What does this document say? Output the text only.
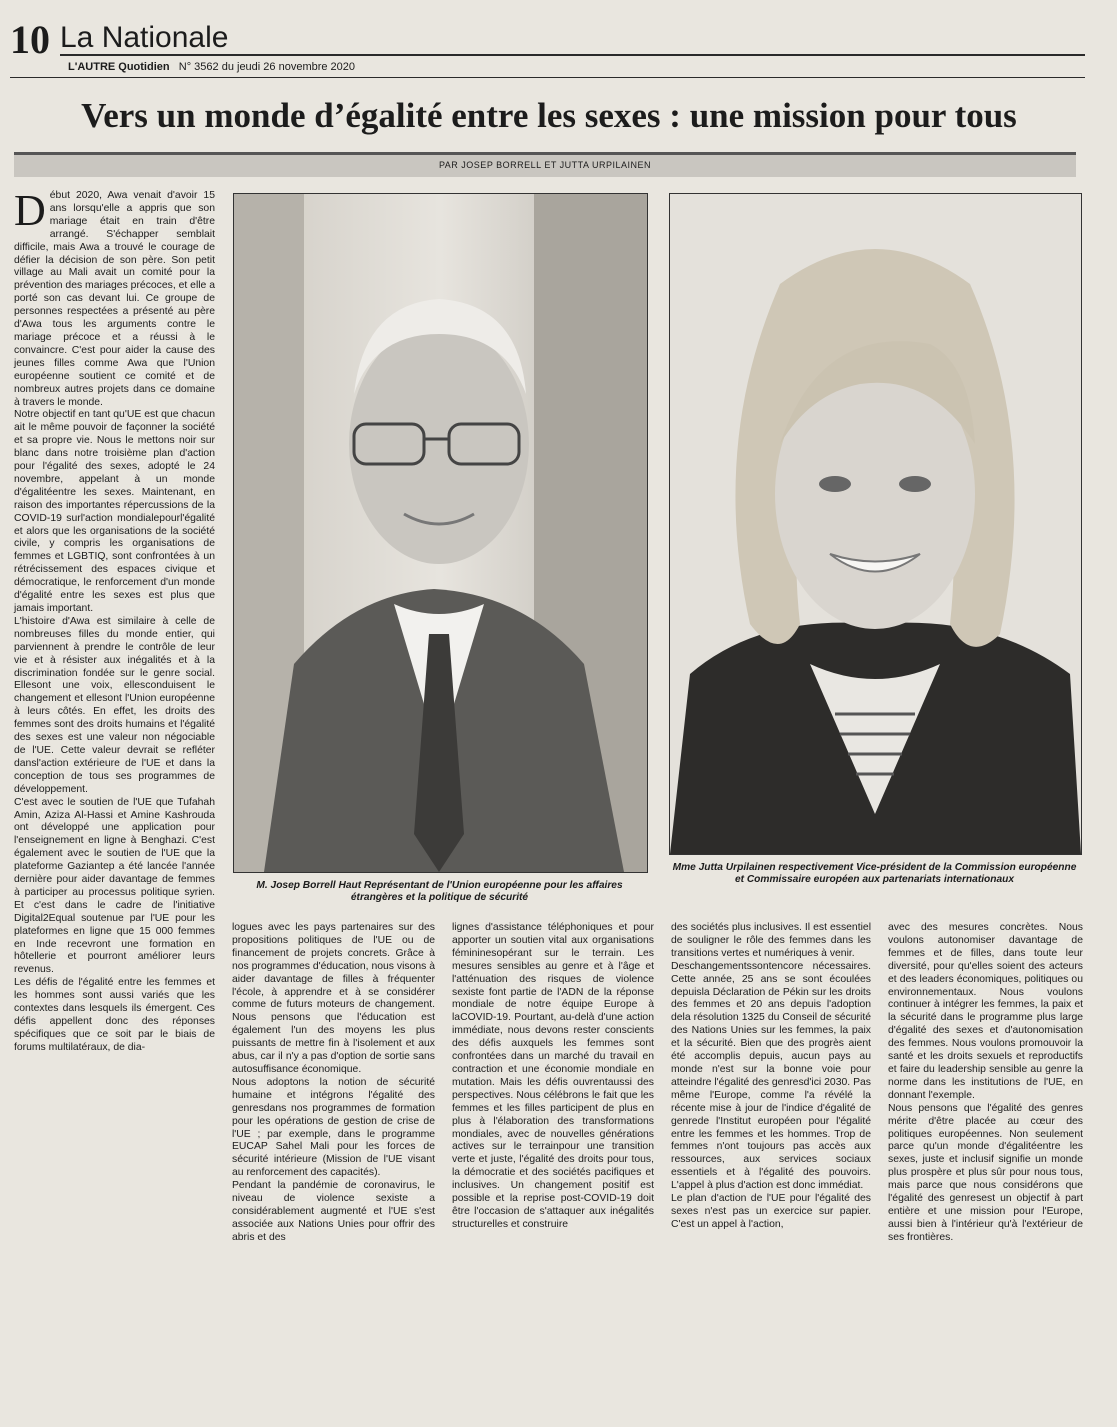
10 La Nationale
L'AUTRE Quotidien N° 3562 du jeudi 26 novembre 2020
Vers un monde d’égalité entre les sexes : une mission pour tous
PAR JOSEP BORRELL ET JUTTA URPILAINEN

Début 2020, Awa venait d'avoir 15 ans lorsqu'elle a appris que son mariage était en train d'être arrangé. S'échapper semblait difficile, mais Awa a trouvé le courage de défier la décision de son père. Son petit village au Mali avait un comité pour la prévention des mariages précoces, et elle a porté son cas devant lui. Ce groupe de personnes respectées a présenté au père d'Awa tous les arguments contre le mariage précoce et a réussi à le convaincre. C'est pour aider la cause des jeunes filles comme Awa que l'Union européenne soutient ce comité et de nombreux autres projets dans ce domaine à travers le monde.

Notre objectif en tant qu'UE est que chacun ait le même pouvoir de façonner la société et sa propre vie. Nous le mettons noir sur blanc dans notre troisième plan d'action pour l'égalité des sexes, adopté le 24 novembre, appelant à un monde d'égalitéentre les sexes. Maintenant, en raison des importantes répercussions de la COVID-19 surl'action mondialepourl'égalité et alors que les organisations de la société civile, y compris les organisations de femmes et LGBTIQ, sont confrontées à un rétrécissement des espaces civique et démocratique, le renforcement d'un monde d'égalité entre les sexes est plus que jamais important.

L'histoire d'Awa est similaire à celle de nombreuses filles du monde entier, qui parviennent à prendre le contrôle de leur vie et à résister aux inégalités et à la discrimination fondée sur le genre social. Ellesont une voix, ellesconduisent le changement et ellesont l'Union européenne à leurs côtés. En effet, les droits des femmes sont des droits humains et l'égalité des sexes est une valeur non négociable de l'UE. Cette valeur devrait se refléter dansl'action extérieure de l'UE et dans la conception de tous ses programmes de développement.

C'est avec le soutien de l'UE que Tufahah Amin, Aziza Al-Hassi et Amine Kashrouda ont développé une application pour l'enseignement en ligne à Benghazi. C'est également avec le soutien de l'UE que la plateforme Gaziantep a été lancée l'année dernière pour aider davantage de femmes à participer au processus politique syrien. Et c'est dans le cadre de l'initiative Digital2Equal soutenue par l'UE pour les plateformes en ligne que 15 000 femmes en Inde recevront une formation en hôtellerie et pourront améliorer leurs revenus.

Les défis de l'égalité entre les femmes et les hommes sont aussi variés que les contextes dans lesquels ils émergent. Ces défis appellent donc des réponses spécifiques que ce soit par le biais de forums multilatéraux, de dia-

M. Josep Borrell Haut Représentant de l'Union européenne pour les affaires étrangères et la politique de sécurité
Mme Jutta Urpilainen respectivement Vice-président de la Commission européenne et Commissaire européen aux partenariats internationaux

logues avec les pays partenaires sur des propositions politiques de l'UE ou de financement de projets concrets. Grâce à nos programmes d'éducation, nous visons à aider davantage de filles à fréquenter l'école, à apprendre et à se considérer comme de futurs moteurs de changement. Nous pensons que l'éducation est également l'un des moyens les plus puissants de mettre fin à l'isolement et aux abus, car il n'y a pas d'option de sortie sans autosuffisance économique.

Nous adoptons la notion de sécurité humaine et intégrons l'égalité des genresdans nos programmes de formation pour les opérations de gestion de crise de l'UE ; par exemple, dans le programme EUCAP Sahel Mali pour les forces de sécurité intérieure (Mission de l'UE visant au renforcement des capacités).

Pendant la pandémie de coronavirus, le niveau de violence sexiste a considérablement augmenté et l'UE s'est associée aux Nations Unies pour offrir des abris et des

lignes d'assistance téléphoniques et pour apporter un soutien vital aux organisations fémininesopérant sur le terrain. Les mesures sensibles au genre et à l'âge et l'atténuation des risques de violence sexiste font partie de l'ADN de la réponse mondiale de notre équipe Europe à laCOVID-19. Pourtant, au-delà d'une action immédiate, nous devons rester conscients des défis auxquels les femmes sont confrontées dans un marché du travail en contraction et une économie mondiale en mutation. Mais les défis ouvrentaussi des perspectives. Nous célébrons le fait que les femmes et les filles participent de plus en plus à l'élaboration des transformations mondiales, avec de nouvelles générations actives sur le terrainpour une transition verte et juste, l'égalité des droits pour tous, la démocratie et des sociétés pacifiques et inclusives. Un changement positif est possible et la reprise post-COVID-19 doit être l'occasion de s'attaquer aux inégalités structurelles et construire

des sociétés plus inclusives. Il est essentiel de souligner le rôle des femmes dans les transitions vertes et numériques à venir.

Deschangementssontencore nécessaires. Cette année, 25 ans se sont écoulées depuisla Déclaration de Pékin sur les droits des femmes et 20 ans depuis l'adoption dela résolution 1325 du Conseil de sécurité des Nations Unies sur les femmes, la paix et la sécurité. Bien que des progrès aient été accomplis depuis, aucun pays au monde n'est sur la bonne voie pour atteindre l'égalité des genresd'ici 2030. Pas même l'Europe, comme l'a révélé la récente mise à jour de l'indice d'égalité de genrede l'Institut européen pour l'égalité entre les femmes et les hommes. Trop de femmes n'ont toujours pas accès aux ressources, aux services sociaux essentiels et à l'égalité des pouvoirs. L'appel à plus d'action est donc immédiat.

Le plan d'action de l'UE pour l'égalité des sexes n'est pas un exercice sur papier. C'est un appel à l'action,

avec des mesures concrètes. Nous voulons autonomiser davantage de femmes et de filles, dans toute leur diversité, pour qu'elles soient des acteurs et des leaders économiques, politiques ou environnementaux. Nous voulons continuer à intégrer les femmes, la paix et la sécurité dans le programme plus large d'égalité des sexes et d'autonomisation des femmes. Nous voulons promouvoir la santé et les droits sexuels et reproductifs et faire du leadership sensible au genre la norme dans les institutions de l'UE, en donnant l'exemple.

Nous pensons que l'égalité des genres mérite d'être placée au cœur des politiques européennes. Non seulement parce qu'un monde d'égalitéentre les sexes, juste et inclusif signifie un monde plus prospère et plus sûr pour nous tous, mais parce que nous considérons que l'égalité des genresest un objectif à part entière et une mission pour l'Europe, aussi bien à l'intérieur qu'à l'extérieur de ses frontières.
